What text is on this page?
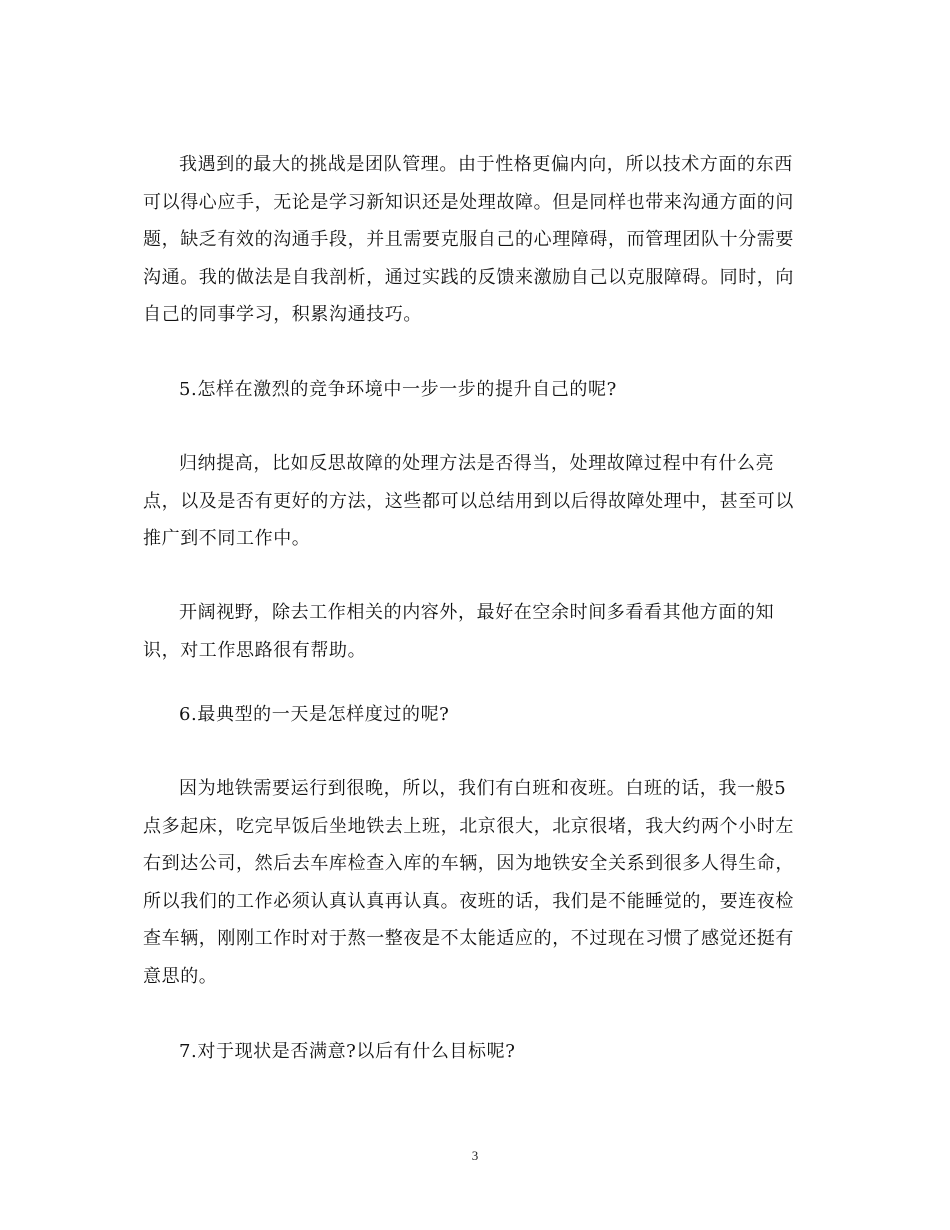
我遇到的最大的挑战是团队管理。由于性格更偏内向，所以技术方面的东西
可以得心应手，无论是学习新知识还是处理故障。但是同样也带来沟通方面的问
题，缺乏有效的沟通手段，并且需要克服自己的心理障碍，而管理团队十分需要
沟通。我的做法是自我剖析，通过实践的反馈来激励自己以克服障碍。同时，向
自己的同事学习，积累沟通技巧。
5.怎样在激烈的竞争环境中一步一步的提升自己的呢?
归纳提高，比如反思故障的处理方法是否得当，处理故障过程中有什么亮
点，以及是否有更好的方法，这些都可以总结用到以后得故障处理中，甚至可以
推广到不同工作中。
开阔视野，除去工作相关的内容外，最好在空余时间多看看其他方面的知
识，对工作思路很有帮助。
6.最典型的一天是怎样度过的呢?
因为地铁需要运行到很晚，所以，我们有白班和夜班。白班的话，我一般5
点多起床，吃完早饭后坐地铁去上班，北京很大，北京很堵，我大约两个小时左
右到达公司，然后去车库检查入库的车辆，因为地铁安全关系到很多人得生命，
所以我们的工作必须认真认真再认真。夜班的话，我们是不能睡觉的，要连夜检
查车辆，刚刚工作时对于熬一整夜是不太能适应的，不过现在习惯了感觉还挺有
意思的。
7.对于现状是否满意?以后有什么目标呢?
3
